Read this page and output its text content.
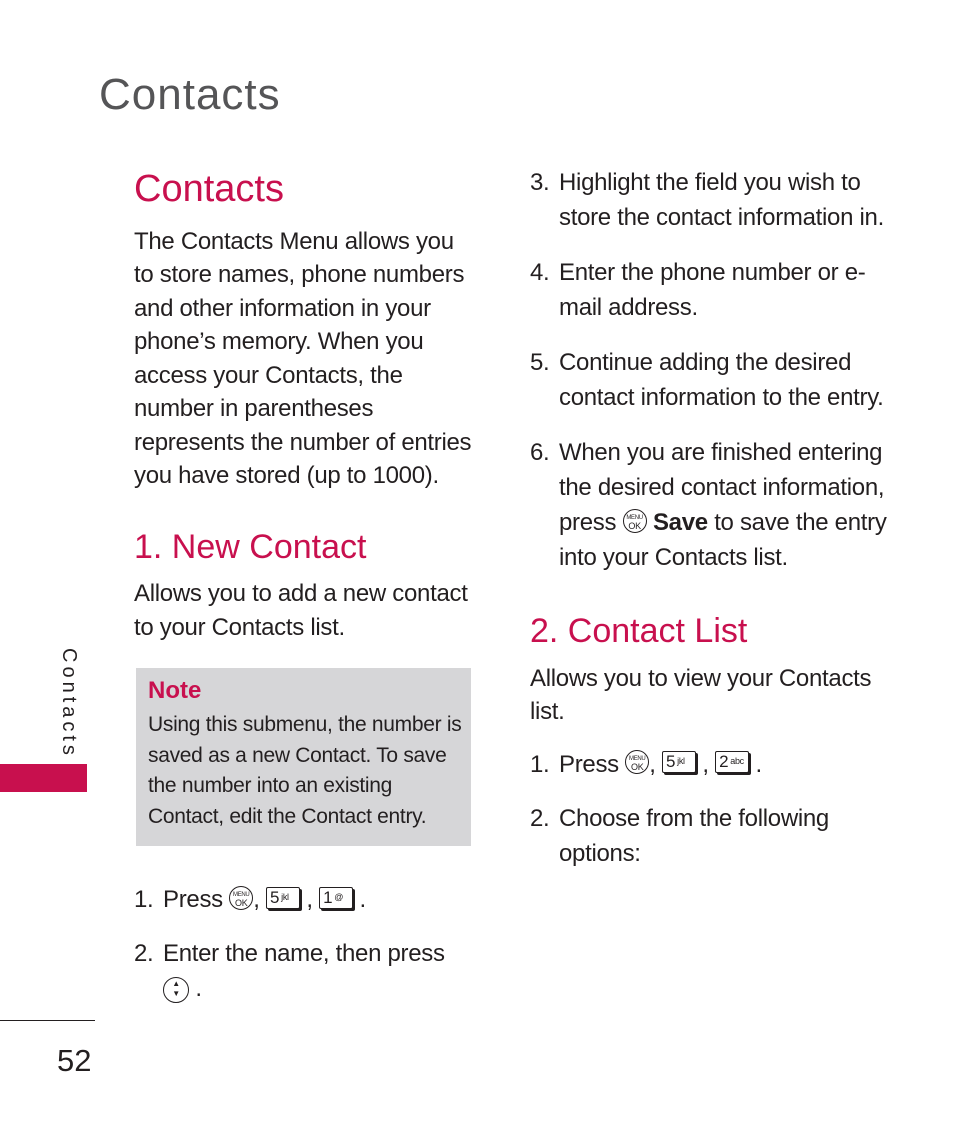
Contacts
Contacts

The Contacts Menu allows you to store names, phone numbers and other information in your phone’s memory. When you access your Contacts, the number in parentheses represents the number of entries you have stored (up to 1000).

1. New Contact

Allows you to add a new contact to your Contacts list.

Note
Using this submenu, the number is saved as a new Contact. To save the number into an existing Contact, edit the Contact entry.
1. Press MENU
OK , 5 $^{jkl}$ , 1 @ .
2. Enter the name, then press
▲
▼ .
3. Highlight the field you wish to store the contact information in.
4. Enter the phone number or e-mail address.
5. Continue adding the desired contact information to the entry.
6. When you are finished entering the desired contact information, press MENU
OK Save to save the entry into your Contacts list.
2. Contact List

Allows you to view your Contacts list.

1. Press MENU
OK , 5 $^{jkl}$ , 2 $^{abc}$ .
2. Choose from the following options:
Contacts
52
